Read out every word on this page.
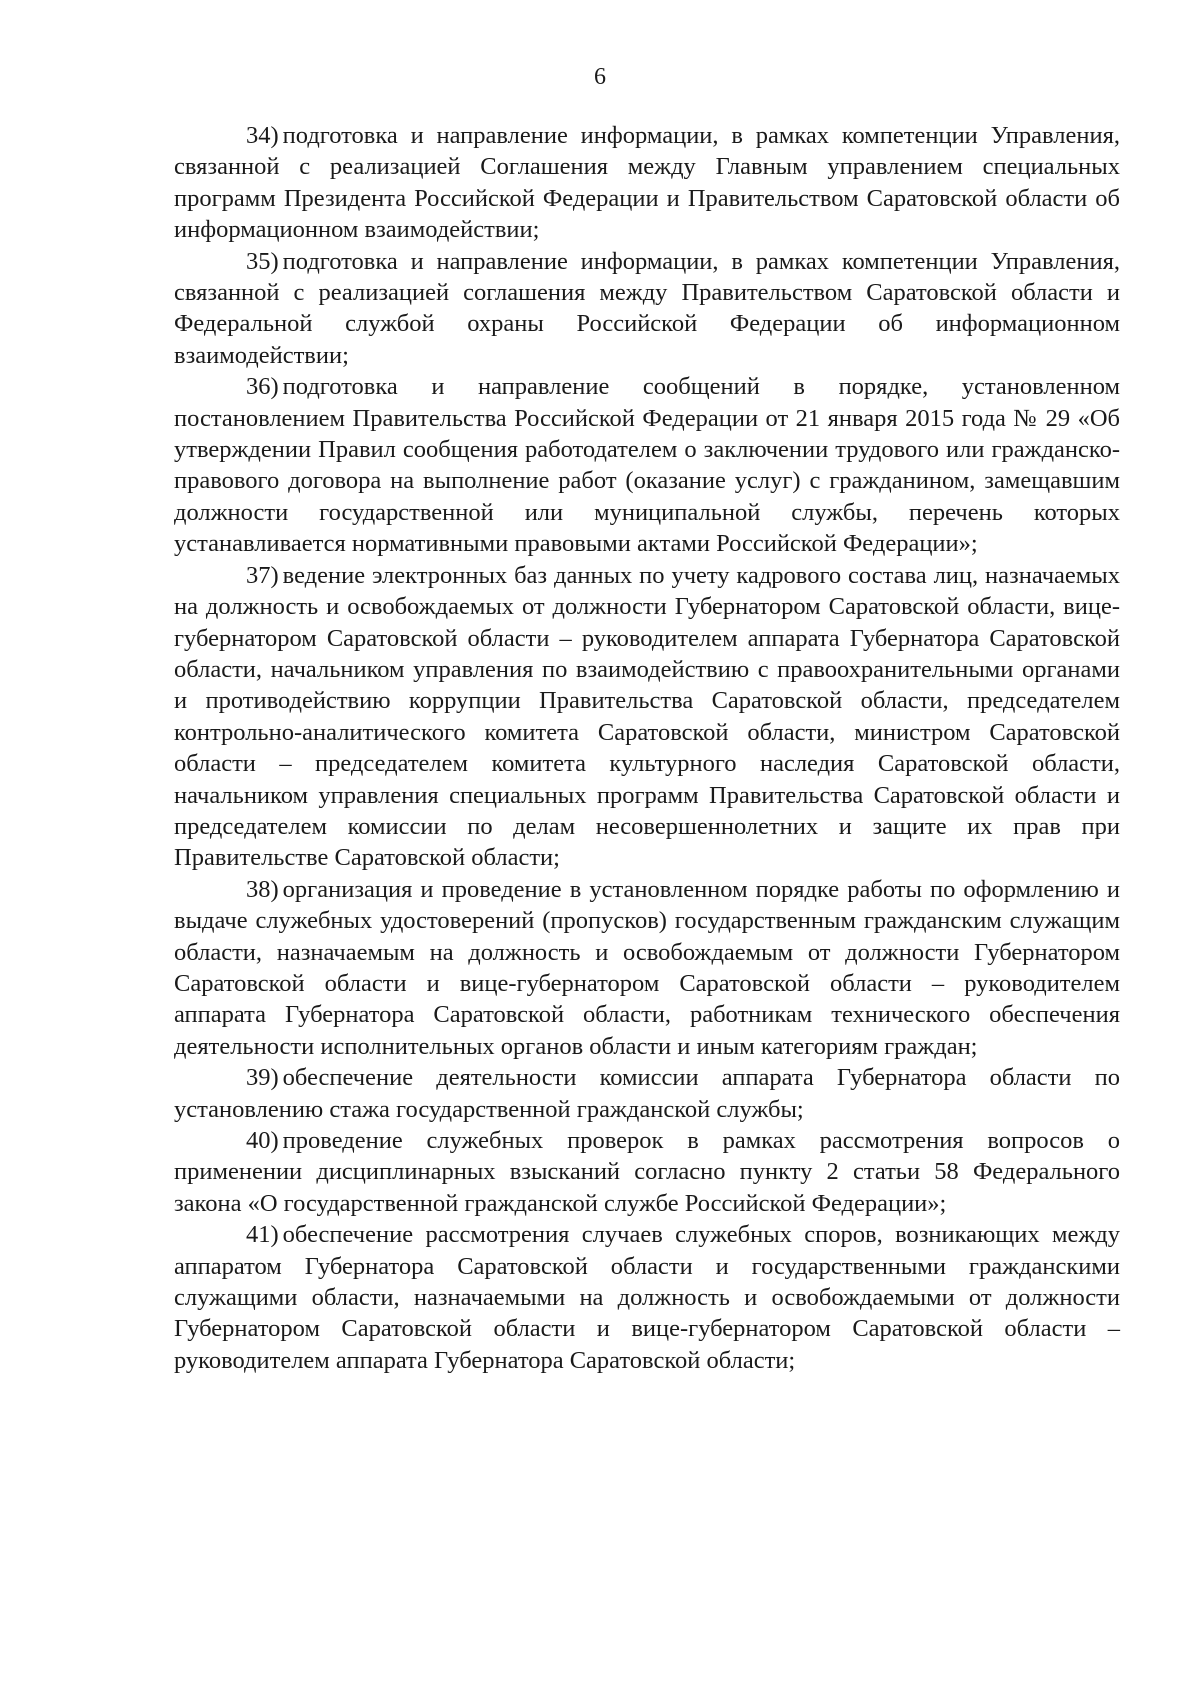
6

34) подготовка и направление информации, в рамках компетенции Управления, связанной с реализацией Соглашения между Главным управлением специальных программ Президента Российской Федерации и Правительством Саратовской области об информационном взаимодействии;

35) подготовка и направление информации, в рамках компетенции Управления, связанной с реализацией соглашения между Правительством Саратовской области и Федеральной службой охраны Российской Федерации об информационном взаимодействии;

36) подготовка и направление сообщений в порядке, установленном постановлением Правительства Российской Федерации от 21 января 2015 года № 29 «Об утверждении Правил сообщения работодателем о заключении трудового или гражданско-правового договора на выполнение работ (оказание услуг) с гражданином, замещавшим должности государственной или муниципальной службы, перечень которых устанавливается нормативными правовыми актами Российской Федерации»;

37) ведение электронных баз данных по учету кадрового состава лиц, назначаемых на должность и освобождаемых от должности Губернатором Саратовской области, вице-губернатором Саратовской области – руководителем аппарата Губернатора Саратовской области, начальником управления по взаимодействию с правоохранительными органами и противодействию коррупции Правительства Саратовской области, председателем контрольно-аналитического комитета Саратовской области, министром Саратовской области – председателем комитета культурного наследия Саратовской области, начальником управления специальных программ Правительства Саратовской области и председателем комиссии по делам несовершеннолетних и защите их прав при Правительстве Саратовской области;

38) организация и проведение в установленном порядке работы по оформлению и выдаче служебных удостоверений (пропусков) государственным гражданским служащим области, назначаемым на должность и освобождаемым от должности Губернатором Саратовской области и вице-губернатором Саратовской области – руководителем аппарата Губернатора Саратовской области, работникам технического обеспечения деятельности исполнительных органов области и иным категориям граждан;

39) обеспечение деятельности комиссии аппарата Губернатора области по установлению стажа государственной гражданской службы;

40) проведение служебных проверок в рамках рассмотрения вопросов о применении дисциплинарных взысканий согласно пункту 2 статьи 58 Федерального закона «О государственной гражданской службе Российской Федерации»;

41) обеспечение рассмотрения случаев служебных споров, возникающих между аппаратом Губернатора Саратовской области и государственными гражданскими служащими области, назначаемыми на должность и освобождаемыми от должности Губернатором Саратовской области и вице-губернатором Саратовской области – руководителем аппарата Губернатора Саратовской области;
